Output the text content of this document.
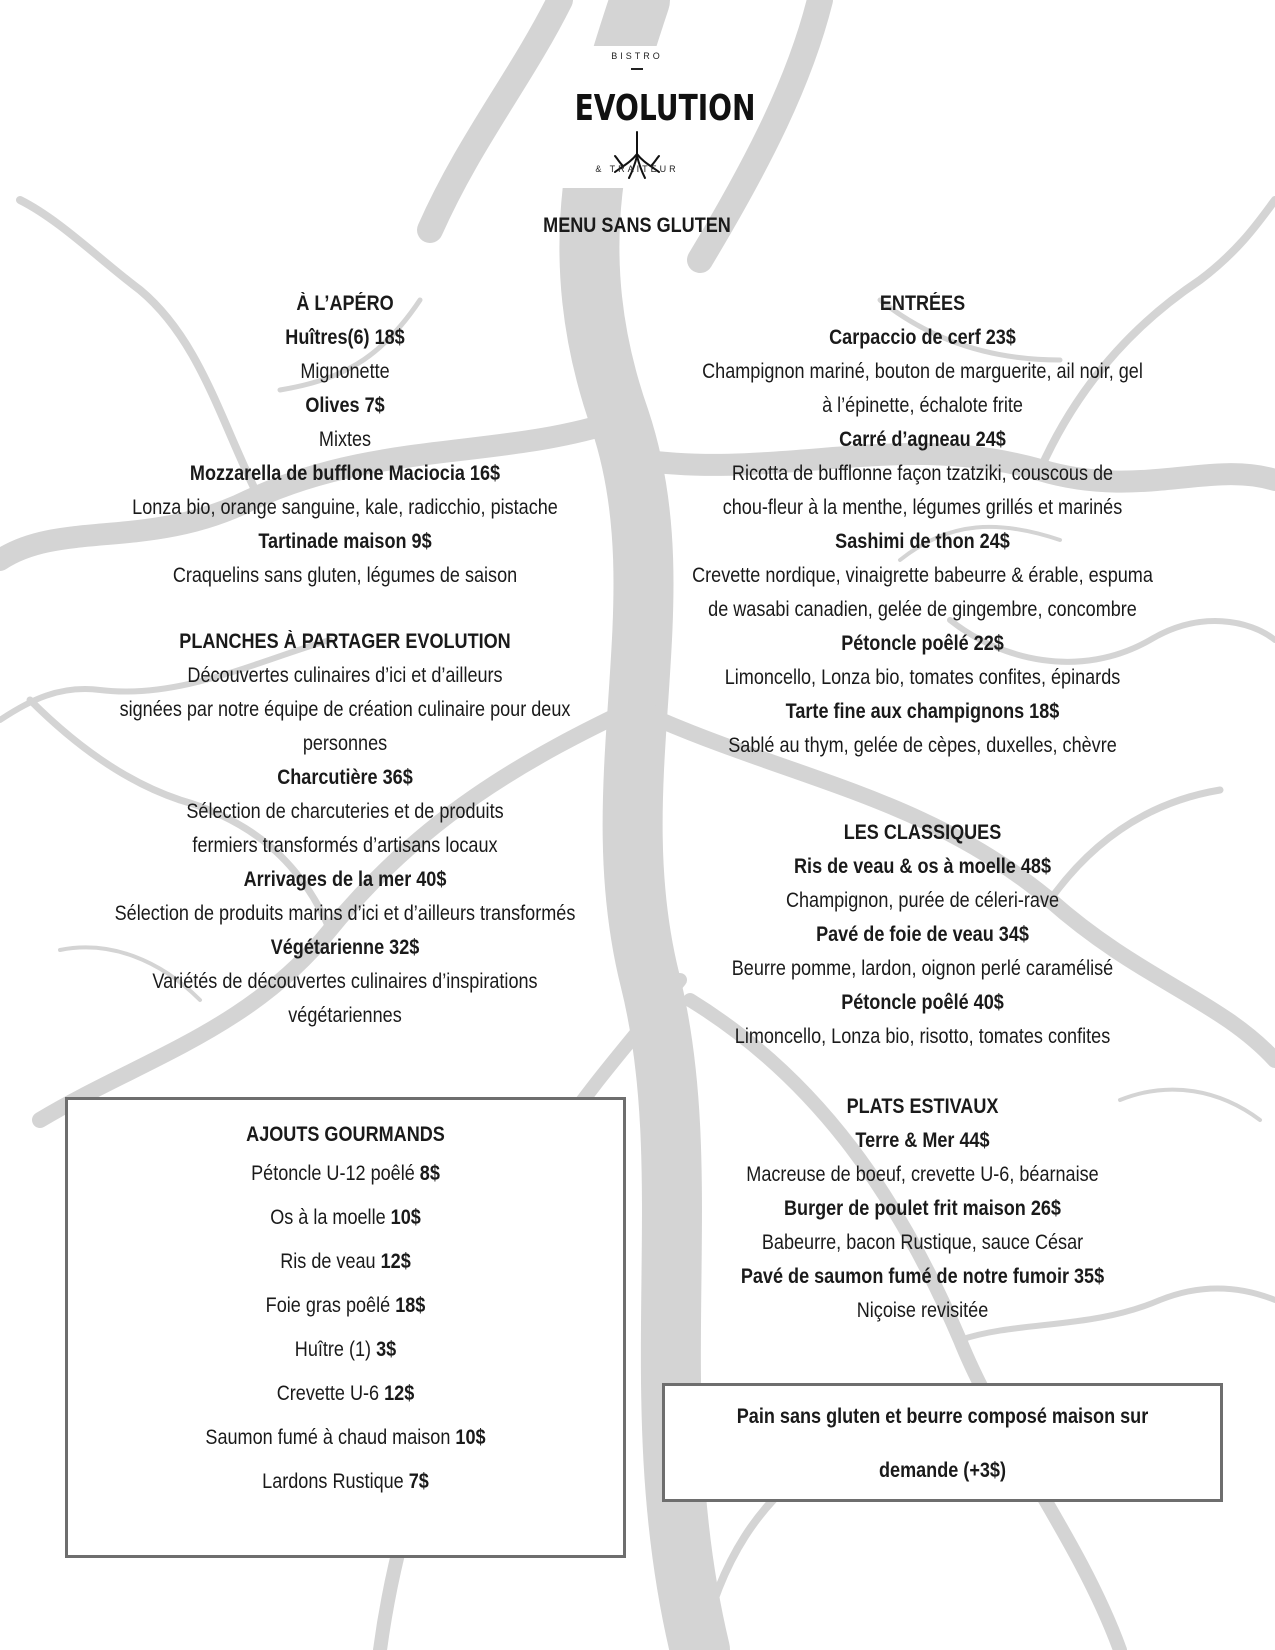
BISTRO
EVOLUTION
& TRAITEUR
MENU SANS GLUTEN
À L’APÉRO
Huîtres(6) 18$
Mignonette
Olives 7$
Mixtes
Mozzarella de bufflone Maciocia 16$
Lonza bio, orange sanguine, kale, radicchio, pistache
Tartinade maison 9$
Craquelins sans gluten, légumes de saison
PLANCHES À PARTAGER EVOLUTION
Découvertes culinaires d’ici et d’ailleurs
signées par notre équipe de création culinaire pour deux personnes
Charcutière 36$
Sélection de charcuteries et de produits fermiers transformés d’artisans locaux
Arrivages de la mer 40$
Sélection de produits marins d’ici et d’ailleurs transformés
Végétarienne 32$
Variétés de découvertes culinaires d’inspirations végétariennes
AJOUTS GOURMANDS
Pétoncle U-12 poêlé 8$
Os à la moelle 10$
Ris de veau 12$
Foie gras poêlé 18$
Huître (1) 3$
Crevette U-6 12$
Saumon fumé à chaud maison 10$
Lardons Rustique 7$
ENTRÉES
Carpaccio de cerf 23$
Champignon mariné, bouton de marguerite, ail noir, gel à l’épinette, échalote frite
Carré d’agneau 24$
Ricotta de bufflonne façon tzatziki, couscous de chou-fleur à la menthe, légumes grillés et marinés
Sashimi de thon 24$
Crevette nordique, vinaigrette babeurre & érable, espuma de wasabi canadien, gelée de gingembre, concombre
Pétoncle poêlé 22$
Limoncello, Lonza bio, tomates confites, épinards
Tarte fine aux champignons 18$
Sablé au thym, gelée de cèpes, duxelles, chèvre
LES CLASSIQUES
Ris de veau & os à moelle 48$
Champignon, purée de céleri-rave
Pavé de foie de veau 34$
Beurre pomme, lardon, oignon perlé caramélisé
Pétoncle poêlé 40$
Limoncello, Lonza bio, risotto, tomates confites
PLATS ESTIVAUX
Terre & Mer 44$
Macreuse de boeuf, crevette U-6, béarnaise
Burger de poulet frit maison 26$
Babeurre, bacon Rustique, sauce César
Pavé de saumon fumé de notre fumoir 35$
Niçoise revisitée
Pain sans gluten et beurre composé maison sur
demande (+3$)
